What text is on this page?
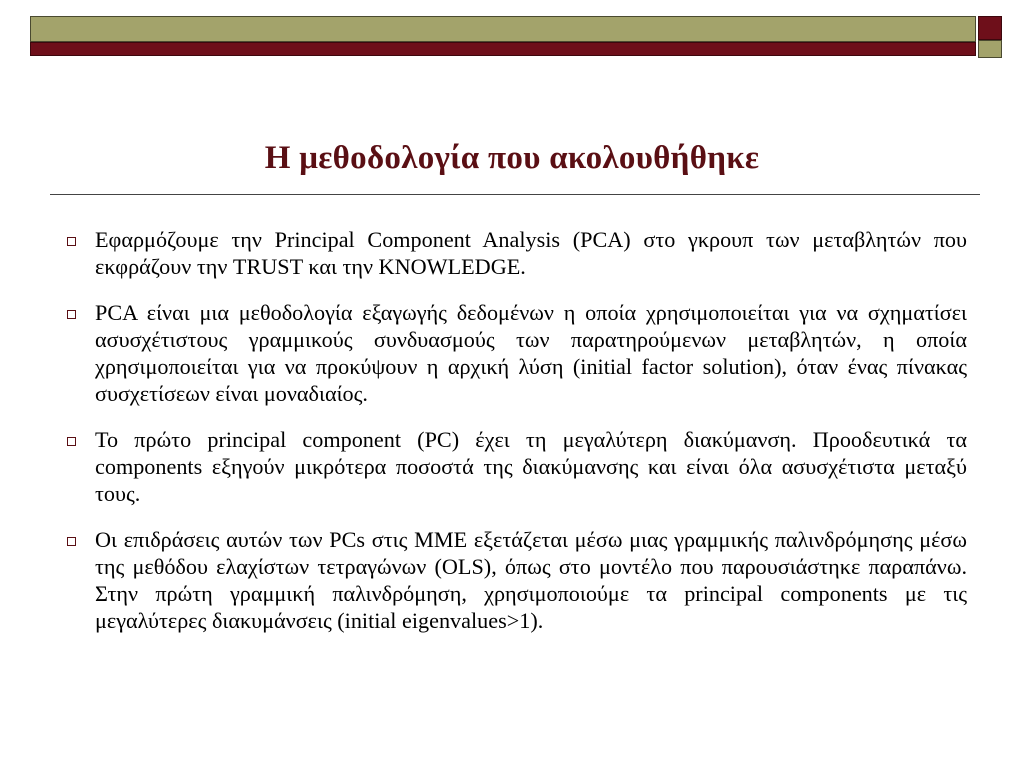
Η μεθοδολογία που ακολουθήθηκε
Εφαρμόζουμε την Principal Component Analysis (PCA) στο γκρουπ των μεταβλητών που εκφράζουν την TRUST και την KNOWLEDGE.
PCA είναι μια μεθοδολογία εξαγωγής δεδομένων η οποία χρησιμοποιείται για να σχηματίσει ασυσχέτιστους γραμμικούς συνδυασμούς των παρατηρούμενων μεταβλητών, η οποία χρησιμοποιείται για να προκύψουν η αρχική λύση (initial factor solution), όταν ένας πίνακας συσχετίσεων είναι μοναδιαίος.
Το πρώτο principal component (PC) έχει τη μεγαλύτερη διακύμανση. Προοδευτικά τα components εξηγούν μικρότερα ποσοστά της διακύμανσης και είναι όλα ασυσχέτιστα μεταξύ τους.
Οι επιδράσεις αυτών των PCs στις MME εξετάζεται μέσω μιας γραμμικής παλινδρόμησης μέσω της μεθόδου ελαχίστων τετραγώνων (OLS), όπως στο μοντέλο που παρουσιάστηκε παραπάνω. Στην πρώτη γραμμική παλινδρόμηση, χρησιμοποιούμε τα principal components με τις μεγαλύτερες διακυμάνσεις (initial eigenvalues>1).
